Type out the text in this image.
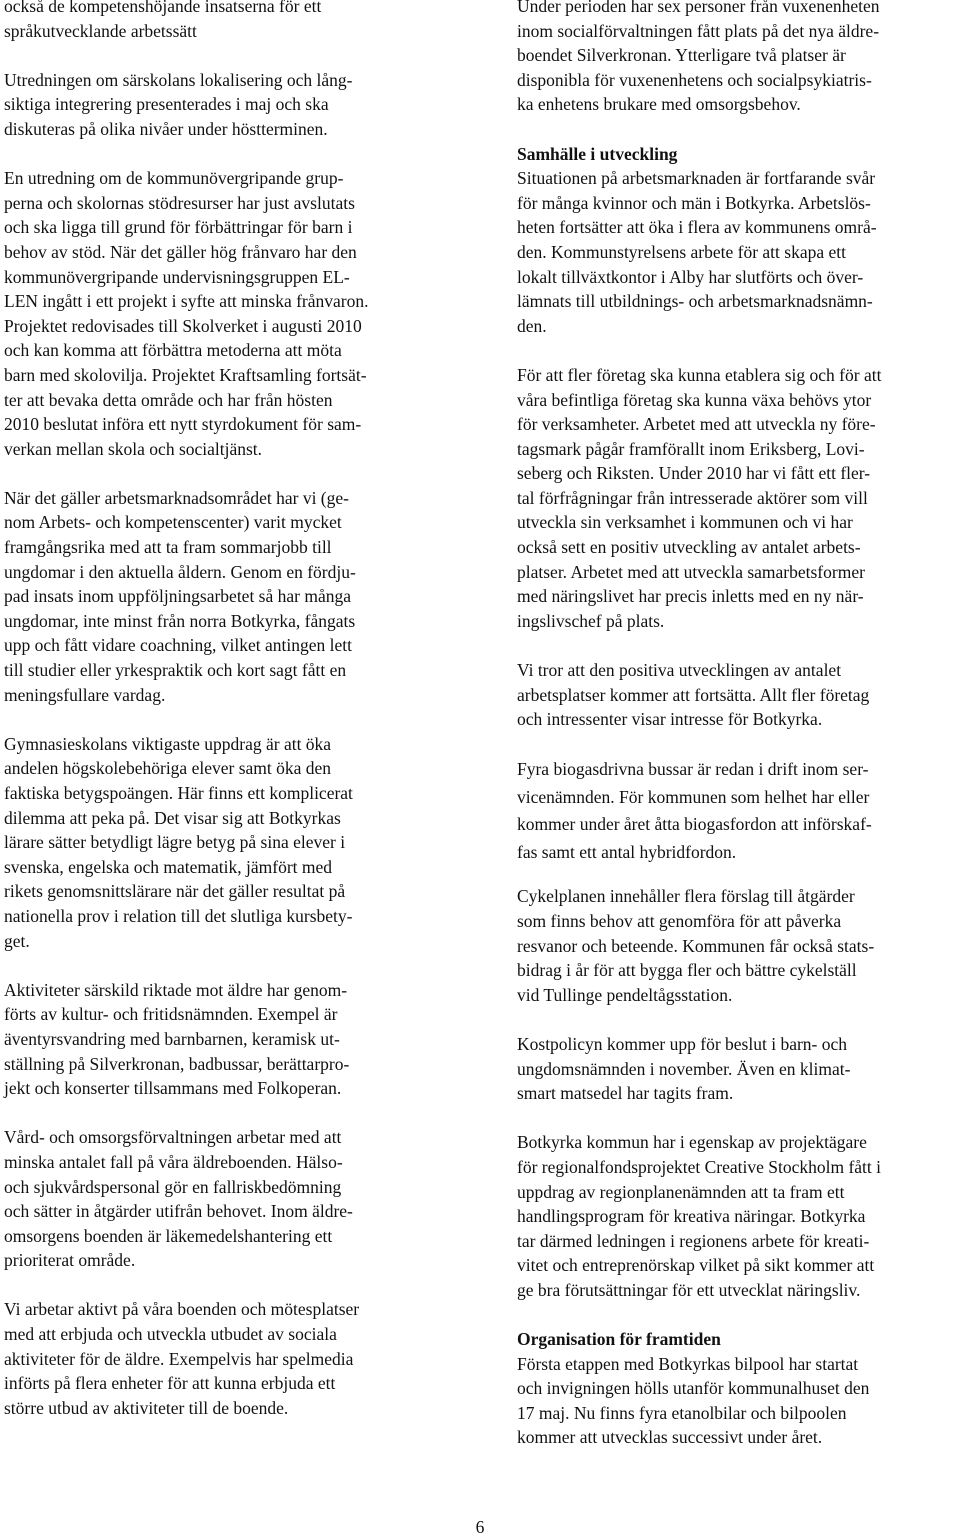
också de kompetenshöjande insatserna för ett
språkutvecklande arbetssätt

Utredningen om särskolans lokalisering och lång-
siktiga integrering presenterades i maj och ska
diskuteras på olika nivåer under höstterminen.

En utredning om de kommunövergripande grup-
perna och skolornas stödresurser har just avslutats
och ska ligga till grund för förbättringar för barn i
behov av stöd. När det gäller hög frånvaro har den
kommunövergripande undervisningsgruppen EL-
LEN ingått i ett projekt i syfte att minska frånvaron.
Projektet redovisades till Skolverket i augusti 2010
och kan komma att förbättra metoderna att möta
barn med skolovilja. Projektet Kraftsamling fortsät-
ter att bevaka detta område och har från hösten
2010 beslutat införa ett nytt styrdokument för sam-
verkan mellan skola och socialtjänst.

När det gäller arbetsmarknadsområdet har vi (ge-
nom Arbets- och kompetenscenter) varit mycket
framgångsrika med att ta fram sommarjobb till
ungdomar i den aktuella åldern. Genom en fördju-
pad insats inom uppföljningsarbetet så har många
ungdomar, inte minst från norra Botkyrka, fångats
upp och fått vidare coachning, vilket antingen lett
till studier eller yrkespraktik och kort sagt fått en
meningsfullare vardag.

Gymnasieskolans viktigaste uppdrag är att öka
andelen högskolebehöriga elever samt öka den
faktiska betygspoängen. Här finns ett komplicerat
dilemma att peka på. Det visar sig att Botkyrkas
lärare sätter betydligt lägre betyg på sina elever i
svenska, engelska och matematik, jämfört med
rikets genomsnittslärare när det gäller resultat på
nationella prov i relation till det slutliga kursbety-
get.

Aktiviteter särskild riktade mot äldre har genom-
förts av kultur- och fritidsnämnden. Exempel är
äventyrsvandring med barnbarnen, keramisk ut-
ställning på Silverkronan, badbussar, berättarpro-
jekt och konserter tillsammans med Folkoperan.

Vård- och omsorgsförvaltningen arbetar med att
minska antalet fall på våra äldreboenden. Hälso-
och sjukvårdspersonal gör en fallriskbedömning
och sätter in åtgärder utifrån behovet. Inom äldre-
omsorgens boenden är läkemedelshantering ett
prioriterat område.

Vi arbetar aktivt på våra boenden och mötesplatser
med att erbjuda och utveckla utbudet av sociala
aktiviteter för de äldre. Exempelvis har spelmedia
införts på flera enheter för att kunna erbjuda ett
större utbud av aktiviteter till de boende.

Under perioden har sex personer från vuxenenheten
inom socialförvaltningen fått plats på det nya äldre-
boendet Silverkronan. Ytterligare två platser är
disponibla för vuxenenhetens och socialpsykiatris-
ka enhetens brukare med omsorgsbehov.

Samhälle i utveckling

Situationen på arbetsmarknaden är fortfarande svår
för många kvinnor och män i Botkyrka. Arbetslös-
heten fortsätter att öka i flera av kommunens områ-
den. Kommunstyrelsens arbete för att skapa ett
lokalt tillväxtkontor i Alby har slutförts och över-
lämnats till utbildnings- och arbetsmarknadsnämn-
den.

För att fler företag ska kunna etablera sig och för att
våra befintliga företag ska kunna växa behövs ytor
för verksamheter. Arbetet med att utveckla ny före-
tagsmark pågår framförallt inom Eriksberg, Lovi-
seberg och Riksten. Under 2010 har vi fått ett fler-
tal förfrågningar från intresserade aktörer som vill
utveckla sin verksamhet i kommunen och vi har
också sett en positiv utveckling av antalet arbets-
platser. Arbetet med att utveckla samarbetsformer
med näringslivet har precis inletts med en ny när-
ingslivschef på plats.

Vi tror att den positiva utvecklingen av antalet
arbetsplatser kommer att fortsätta. Allt fler företag
och intressenter visar intresse för Botkyrka.

Fyra biogasdrivna bussar är redan i drift inom ser-
vicenämnden. För kommunen som helhet har eller
kommer under året åtta biogasfordon att införskaf-
fas samt ett antal hybridfordon.

Cykelplanen innehåller flera förslag till åtgärder
som finns behov att genomföra för att påverka
resvanor och beteende. Kommunen får också stats-
bidrag i år för att bygga fler och bättre cykelställ
vid Tullinge pendeltågsstation.

Kostpolicyn kommer upp för beslut i barn- och
ungdomsnämnden i november. Även en klimat-
smart matsedel har tagits fram.

Botkyrka kommun har i egenskap av projektägare
för regionalfondsprojektet Creative Stockholm fått i
uppdrag av regionplanenämnden att ta fram ett
handlingsprogram för kreativa näringar. Botkyrka
tar därmed ledningen i regionens arbete för kreati-
vitet och entreprenörskap vilket på sikt kommer att
ge bra förutsättningar för ett utvecklat näringsliv.

Organisation för framtiden

Första etappen med Botkyrkas bilpool har startat
och invigningen hölls utanför kommunalhuset den
17 maj. Nu finns fyra etanolbilar och bilpoolen
kommer att utvecklas successivt under året.

6
